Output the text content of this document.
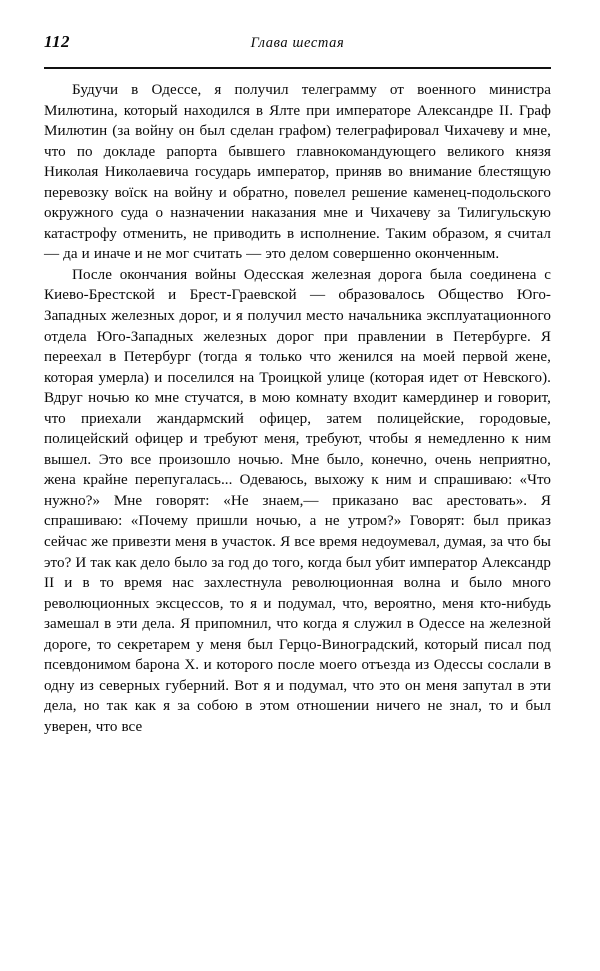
112	Глава шестая

Будучи в Одессе, я получил телеграмму от военного министра Милютина, который находился в Ялте при императоре Александре II. Граф Милютин (за войну он был сделан графом) телеграфировал Чихачеву и мне, что по докладе рапорта бывшего главнокомандующего великого князя Николая Николаевича государь император, приняв во внимание блестящую перевозку воïск на войну и обратно, повелел решение каменец-подольского окружного суда о назначении наказания мне и Чихачеву за Тилигульскую катастрофу отменить, не приводить в исполнение. Таким образом, я считал — да и иначе и не мог считать — это делом совершенно оконченным.

После окончания войны Одесская железная дорога была соединена с Киево-Брестской и Брест-Граевской — образовалось Общество Юго-Западных железных дорог, и я получил место начальника эксплуатационного отдела Юго-Западных железных дорог при правлении в Петербурге. Я переехал в Петербург (тогда я только что женился на моей первой жене, которая умерла) и поселился на Троицкой улице (которая идет от Невского). Вдруг ночью ко мне стучатся, в мою комнату входит камердинер и говорит, что приехали жандармский офицер, затем полицейские, городовые, полицейский офицер и требуют меня, требуют, чтобы я немедленно к ним вышел. Это все произошло ночью. Мне было, конечно, очень неприятно, жена крайне перепугалась... Одеваюсь, выхожу к ним и спрашиваю: «Что нужно?» Мне говорят: «Не знаем,— приказано вас арестовать». Я спрашиваю: «Почему пришли ночью, а не утром?» Говорят: был приказ сейчас же привезти меня в участок. Я все время недоумевал, думая, за что бы это? И так как дело было за год до того, когда был убит император Александр II и в то время нас захлестнула революционная волна и было много революционных эксцессов, то я и подумал, что, вероятно, меня кто-нибудь замешал в эти дела. Я припомнил, что когда я служил в Одессе на железной дороге, то секретарем у меня был Герцо-Виноградский, который писал под псевдонимом барона X. и которого после моего отъезда из Одессы сослали в одну из северных губерний. Вот я и подумал, что это он меня запутал в эти дела, но так как я за собою в этом отношении ничего не знал, то и был уверен, что все
